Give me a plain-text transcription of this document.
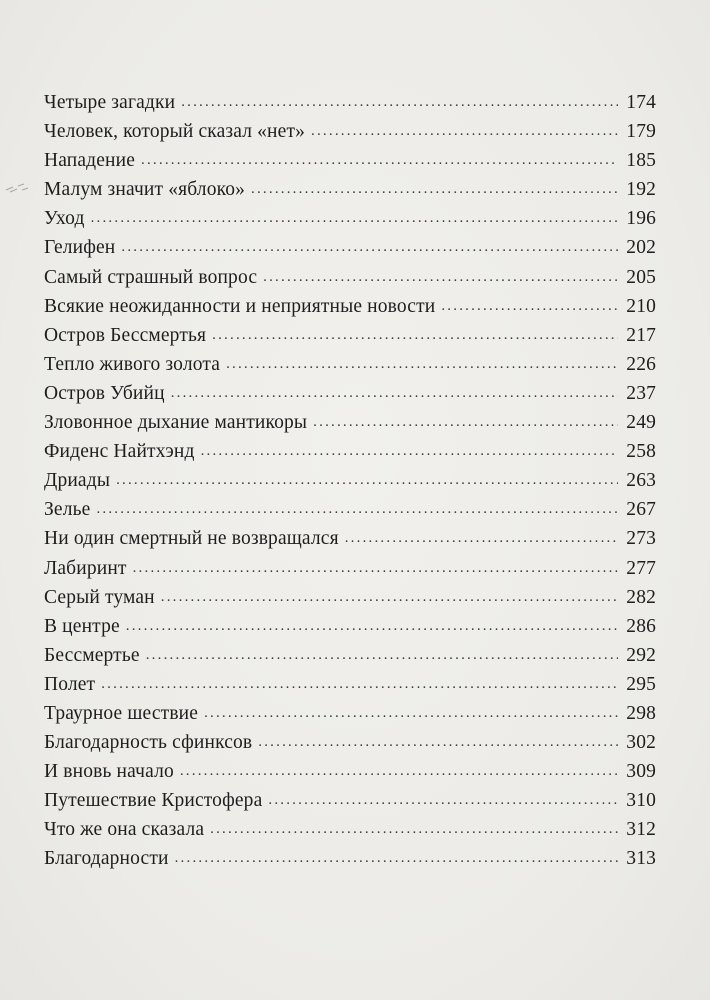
Четыре загадки .....	174
Человек, который сказал «нет» .....	179
Нападение .....	185
Малум значит «яблоко» .....	192
Уход .....	196
Гелифен .....	202
Самый страшный вопрос .....	205
Всякие неожиданности и неприятные новости .....	210
Остров Бессмертья .....	217
Тепло живого золота .....	226
Остров Убийц .....	237
Зловонное дыхание мантикоры .....	249
Фиденс Найтхэнд .....	258
Дриады .....	263
Зелье .....	267
Ни один смертный не возвращался .....	273
Лабиринт .....	277
Серый туман .....	282
В центре .....	286
Бессмертье .....	292
Полет .....	295
Траурное шествие .....	298
Благодарность сфинксов .....	302
И вновь начало .....	309
Путешествие Кристофера .....	310
Что же она сказала .....	312
Благодарности .....	313
